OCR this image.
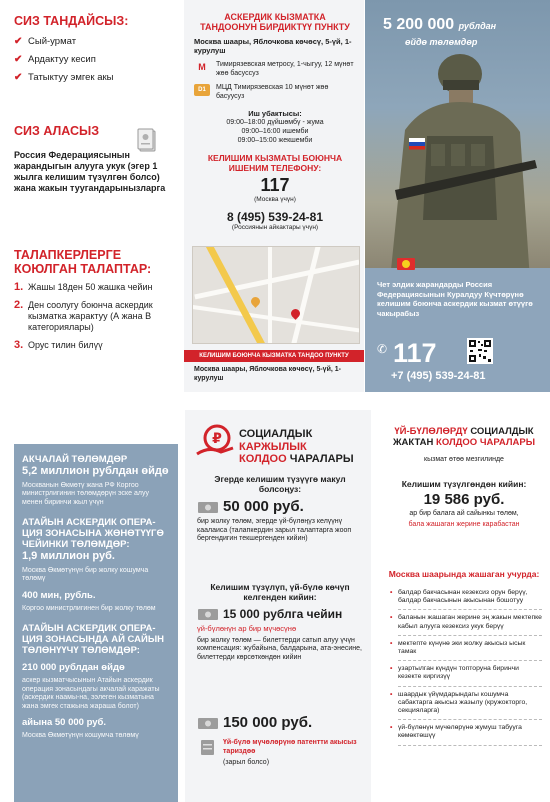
СИЗ ТАНДАЙСЫЗ:
✔ Сый-урмат
✔ Ардактуу кесип
✔ Татыктуу эмгек акы
СИЗ АЛАСЫЗ
Россия Федерациясынын жарандыгын алууга укук (эгер 1 жылга келишим түзүлгөн болсо) жана жакын туугандарынызларга
ТАЛАПКЕРЛЕРГЕ КОЮЛГАН ТАЛАПТАР:
1. Жашы 18ден 50 жашка чейин
2. Ден соолугу боюнча аскердик кызматка жарактуу (А жана В категориялары)
3. Орус тилин билүү
АСКЕРДИК КЫЗМАТКА
ТАНДООНУН БИРДИКТҮҮ ПУНКТУ
Москва шаары, Яблочкова көчөсү, 5-үй, 1-курулуш
М	Тимирязевская метросу, 1-чыгуу, 12 мүнөт жөө басуссуз
D1	МЦД Тимирязевская 10 мүнөт жөө басуусуз
Иш убактысы:
09:00–18:00 дүйшөмбү - жума
09:00–16:00 ишемби
09:00–15:00 жекшемби
КЕЛИШИМ КЫЗМАТЫ БОЮНЧА
ИШЕНИМ ТЕЛЕФОНУ:
117
(Москва үчүн)
8 (495) 539-24-81
(Россиянын айкактары үчүн)
КЕЛИШИМ БОЮНЧА КЫЗМАТКА ТАНДОО ПУНКТУ
Москва шаары, Яблочкова көчөсү, 5-үй, 1-курулуш
5 200 000 рублдан
өйдө төлөмдөр
Чет элдик жарандарды Россия Федерациясынын Куралдуу Күчтөрүнө келишим боюнча аскердик кызмат өтүүгө чакырабыз
✆ 117
+7 (495) 539-24-81
АКЧАЛАЙ ТӨЛӨМДӨР
5,2 миллион рублдан өйдө
Москванын Өкмөтү жана РФ Коргоо министрлигинин төлөмдөрүн эске алуу менен биринчи жыл үчүн
АТАЙЫН АСКЕРДИК ОПЕРА-ЦИЯ ЗОНАСЫНА ЖӨНӨТҮҮГӨ ЧЕЙИНКИ ТӨЛӨМДӨР:
1,9 миллион руб.
Москва Өкмөтүнүн бир жолку кошумча төлөмү
400 мин, рубль.
Коргоо министрлигинен бир жолку төлөм
АТАЙЫН АСКЕРДИК ОПЕРА-ЦИЯ ЗОНАСЫНДА АЙ САЙЫН ТӨЛӨНҮҮЧҮ ТӨЛӨМДӨР:
210 000 рублдан өйдө
аскер кызматчысынын Атайын аскердик операция зонасындагы акчалай каражаты (аскердик наамы-на, ээлеген кызматына жана эмгек стажына жараша болот)
айына 50 000 руб.
Москва Өкмөтүнүн кошумча төлөмү
₽ СОЦИАЛДЫК
КАРЖЫЛЫК
КОЛДОО ЧАРАЛАРЫ
Эгерде келишим түзүүгө макул болсоңуз:
50 000 руб.
бир жолку төлөм, эгерде үй-бүлөңүз келүүнү каалаиса (талапкердин зарыл талаптарга жооп бергендигин текшергенден кийин)
Келишим түзүлүп, үй-бүлө көчүп келгенден кийин:
15 000 рублга чейин
үй-бүлөнүн ар бир мүчөсүнө
бир жолку төлөм — билеттерди сатып алуу үчүн компенсация: жубайына, балдарына, ата-энесине, билеттерди көрсөткөндөн кийин
150 000 руб.
Үй-бүлө мүчөлөрүнө патентти акысыз тариздөө
(зарыл болсо)
ҮЙ-БҮЛӨЛӨРДҮ СОЦИАЛДЫК
ЖАКТАН КОЛДОО ЧАРАЛАРЫ
кызмат өтөө мезгилинде
Келишим түзүлгөндөн кийин:
19 586 руб.
ар бир балага ай сайынкы төлөм,
бала жашаган жерине карабастан
Москва шаарында жашаган учурда:
• балдар бакчасынан кезексиз орун берүү, балдар бакчасынын акысынан бошотуу
• баланын жашаган жерине эң жакын мектепке кабыл алууга кезексиз укук берүү
• мектепте күнүнө эки жолку акысыз ысык тамак
• узартылган күндүн топторуна биринчи кезекте киргизүү
• шаардык үйүмдарындагы кошумча сабактарга акысыз жазылу (кружокторго, секцияларга)
• үй-бүлөнүн мүчөлөрүнө жумуш табууга көмөктөшүү
